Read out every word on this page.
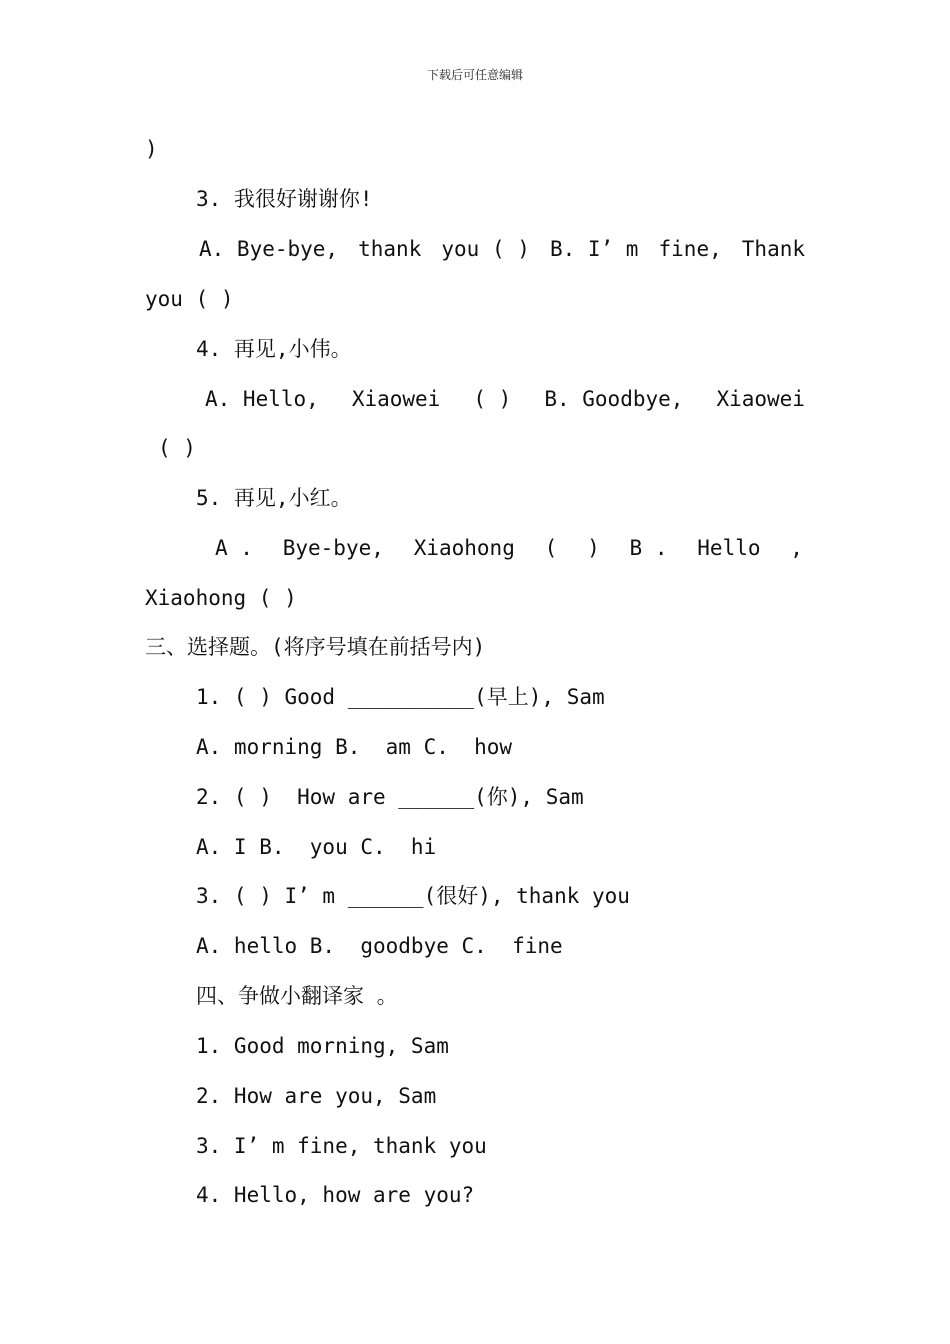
下载后可任意编辑
)
3. 我很好谢谢你!
A. Bye-bye, thank you ( ) B. I’ m fine, Thank
you ( )
4. 再见,小伟。
A. Hello, Xiaowei ( ) B. Goodbye, Xiaowei
( )
5. 再见,小红。
A . Bye-bye, Xiaohong ( ) B . Hello ,
Xiaohong ( )
三、选择题。(将序号填在前括号内)
1. ( ) Good __________(早上), Sam
A. morning B.  am C.  how
2. ( )  How are ______(你), Sam
A. I B.  you C.  hi
3. ( ) I’ m ______(很好), thank you
A. hello B.  goodbye C.  fine
四、争做小翻译家 。
1. Good morning, Sam
2. How are you, Sam
3. I’ m fine, thank you
4. Hello, how are you?
